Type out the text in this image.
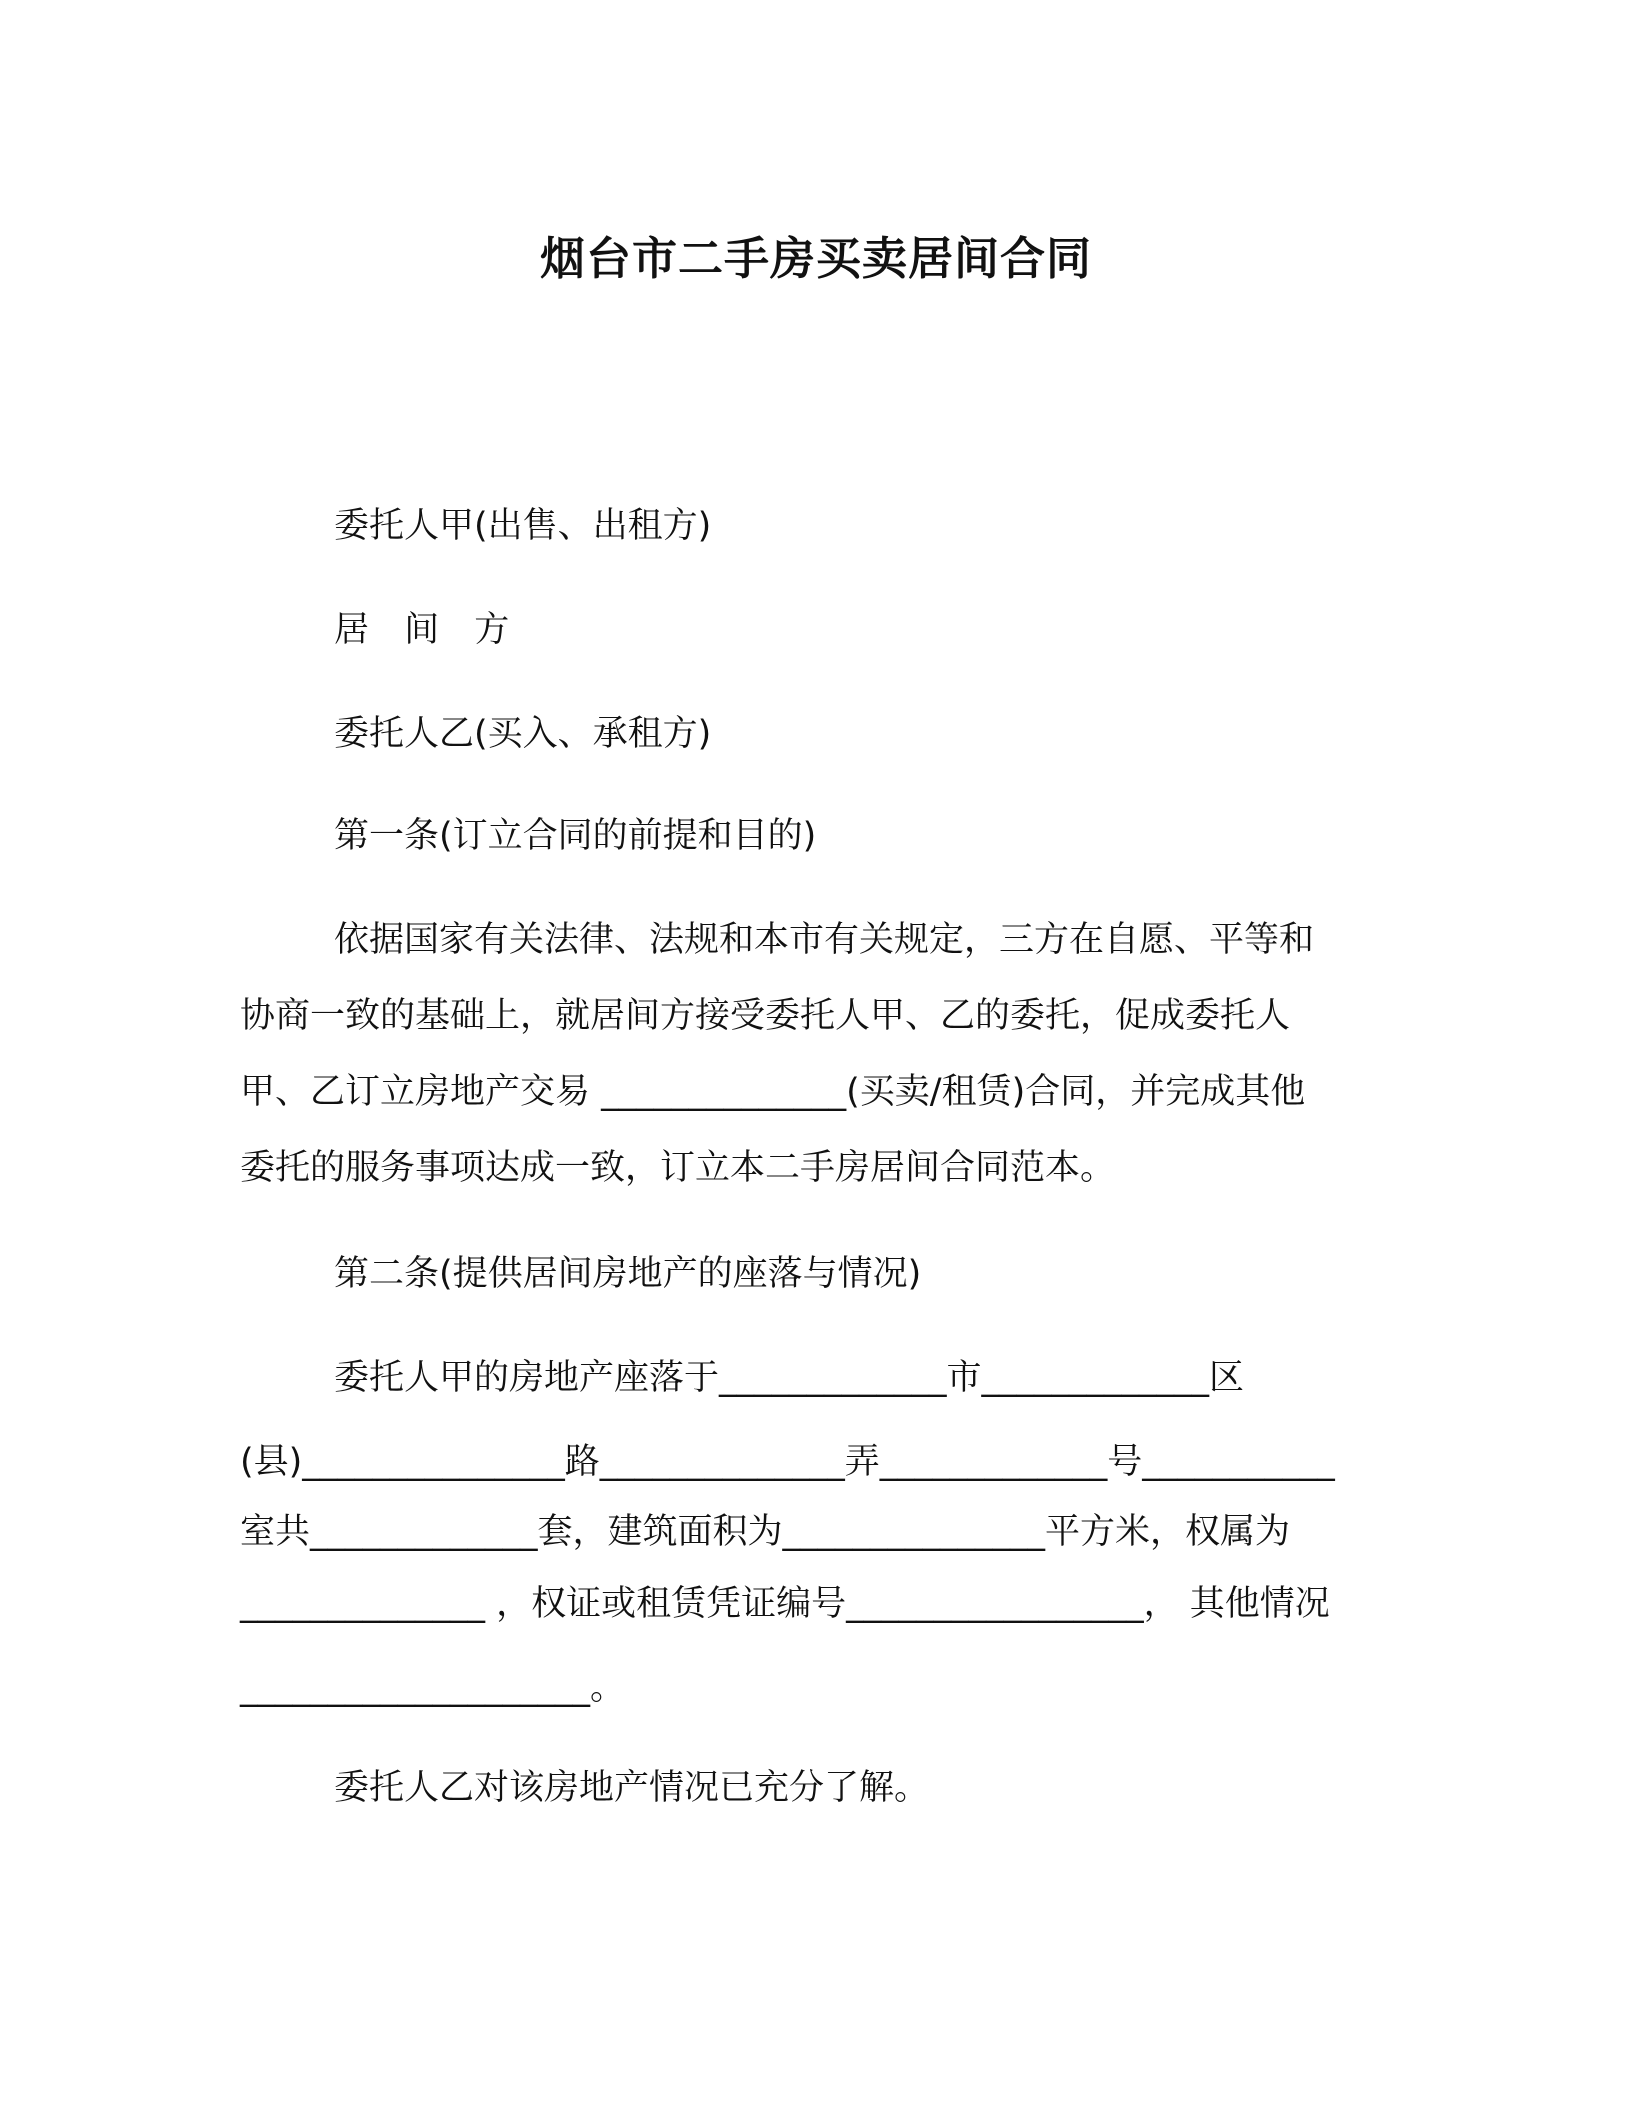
烟台市二手房买卖居间合同
委托人甲(出售、出租方)
居 间 方
委托人乙(买入、承租方)
第一条(订立合同的前提和目的)
依据国家有关法律、法规和本市有关规定，三方在自愿、平等和
协商一致的基础上，就居间方接受委托人甲、乙的委托，促成委托人
甲、乙订立房地产交易 ______________(买卖/租赁)合同，并完成其他
委托的服务事项达成一致，订立本二手房居间合同范本。
第二条(提供居间房地产的座落与情况)
委托人甲的房地产座落于_____________市_____________区
(县)_______________路______________弄_____________号___________
室共_____________套，建筑面积为_______________平方米，权属为
______________ ，权证或租赁凭证编号_________________， 其他情况
____________________。
委托人乙对该房地产情况已充分了解。
